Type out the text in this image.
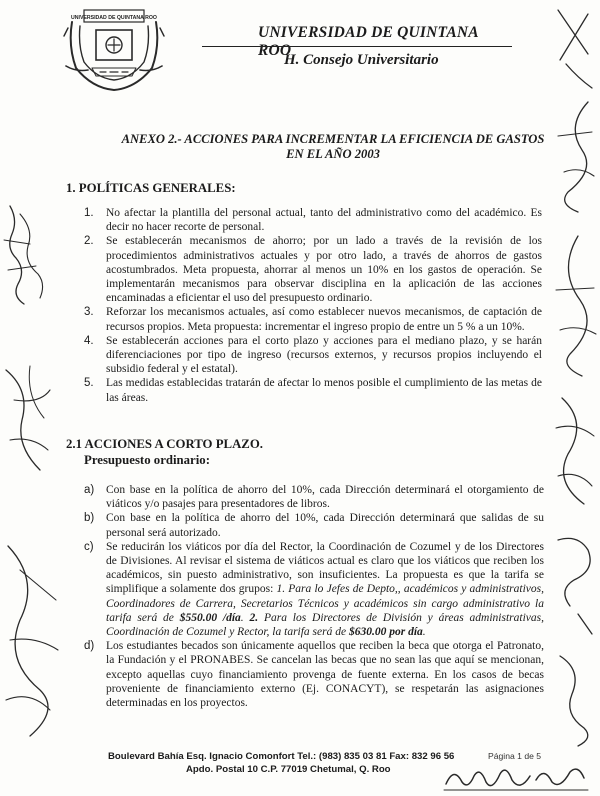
UNIVERSIDAD DE QUINTANA ROO
UNIVERSIDAD DE QUINTANA ROO
H. Consejo Universitario
ANEXO 2.- ACCIONES PARA INCREMENTAR LA EFICIENCIA DE GASTOS EN EL AÑO 2003
1. POLÍTICAS GENERALES:
1.	No afectar la plantilla del personal actual, tanto del administrativo como del académico. Es decir no hacer recorte de personal.
2.	Se establecerán mecanismos de ahorro; por un lado a través de la revisión de los procedimientos administrativos actuales y por otro lado, a través de ahorros de gastos acostumbrados. Meta propuesta, ahorrar al menos un 10% en los gastos de operación. Se implementarán mecanismos para observar disciplina en la aplicación de las acciones encaminadas a eficientar el uso del presupuesto ordinario.
3.	Reforzar los mecanismos actuales, así como establecer nuevos mecanismos, de captación de recursos propios. Meta propuesta: incrementar el ingreso propio de entre un 5 % a un 10%.
4.	Se establecerán acciones para el corto plazo y acciones para el mediano plazo, y se harán diferenciaciones por tipo de ingreso (recursos externos, y recursos propios incluyendo el subsidio federal y el estatal).
5.	Las medidas establecidas tratarán de afectar lo menos posible el cumplimiento de las metas de las áreas.
2.1 ACCIONES A CORTO PLAZO.
Presupuesto ordinario:
a)	Con base en la política de ahorro del 10%, cada Dirección determinará el otorgamiento de viáticos y/o pasajes para presentadores de libros.
b)	Con base en la política de ahorro del 10%, cada Dirección determinará que salidas de su personal será autorizado.
c)	Se reducirán los viáticos por día del Rector, la Coordinación de Cozumel y de los Directores de Divisiones. Al revisar el sistema de viáticos actual es claro que los viáticos que reciben los académicos, sin puesto administrativo, son insuficientes. La propuesta es que la tarifa se simplifique a solamente dos grupos: 1. Para lo Jefes de Depto,, académicos y administrativos, Coordinadores de Carrera, Secretarios Técnicos y académicos sin cargo administrativo la tarifa será de $550.00 /día. 2. Para los Directores de División y áreas administrativas, Coordinación de Cozumel y Rector, la tarifa será de $630.00 por día.
d)	Los estudiantes becados son únicamente aquellos que reciben la beca que otorga el Patronato, la Fundación y el PRONABES. Se cancelan las becas que no sean las que aquí se mencionan, excepto aquellas cuyo financiamiento provenga de fuente externa. En los casos de becas proveniente de financiamiento externo (Ej. CONACYT), se respetarán las asignaciones determinadas en los proyectos.
Boulevard Bahía Esq. Ignacio Comonfort Tel.: (983) 835 03 81 Fax: 832 96 56
Apdo. Postal 10 C.P. 77019 Chetumal, Q. Roo
Página 1 de 5
